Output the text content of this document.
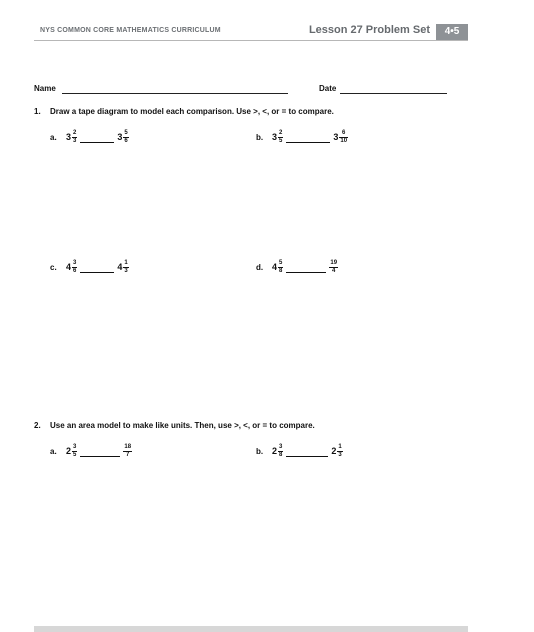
NYS COMMON CORE MATHEMATICS CURRICULUM	Lesson 27 Problem Set	4•5
Name	Date
1. Draw a tape diagram to model each comparison. Use >, <, or = to compare.
a.	$3 \frac{2}{3}$	$3 \frac{5}{6}$	b. $3 \frac{2}{5}$	$3 \frac{6}{10}$
c.	$4 \frac{3}{6}$	$4 \frac{1}{3}$	d. $4 \frac{5}{8}$	$\frac{19}{4}$
2. Use an area model to make like units. Then, use >, <, or = to compare.
a.	$2 \frac{3}{5}$	$\frac{18}{7}$	b. $2 \frac{3}{8}$	$2 \frac{1}{3}$
